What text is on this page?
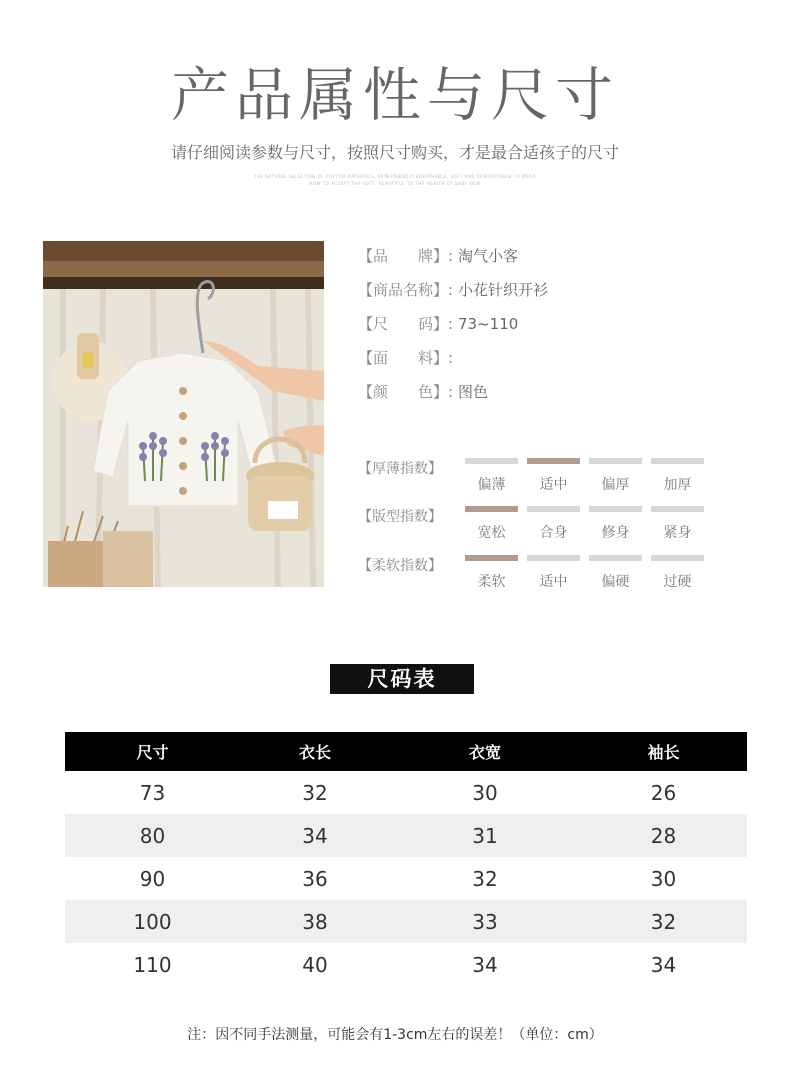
产品属性与尺寸
请仔细阅读参数与尺寸，按照尺寸购买，才是最合适孩子的尺寸
THE NATURAL SELECTION OF COTTON MATERIALS, SKIN-FRIENDLY BREATHABLE, SOFT AND COMFORTABLE TO WEAR
HOW TO ACCEPT THE SOFT, BEAUTIFUL TO THE HEALTH OF BABY SKIN
【品　　牌】: 淘气小客
【商品名称】: 小花针织开衫
【尺　　码】: 73~110
【面　　料】:
【颜　　色】: 图色
【厚薄指数】
偏薄	适中	偏厚	加厚
【版型指数】
宽松	合身	修身	紧身
【柔软指数】
柔软	适中	偏硬	过硬
尺码表
尺寸	衣长	衣宽	袖长
73	32	30	26
80	34	31	28
90	36	32	30
100	38	33	32
110	40	34	34
注：因不同手法测量，可能会有1-3cm左右的误差！（单位：cm）
